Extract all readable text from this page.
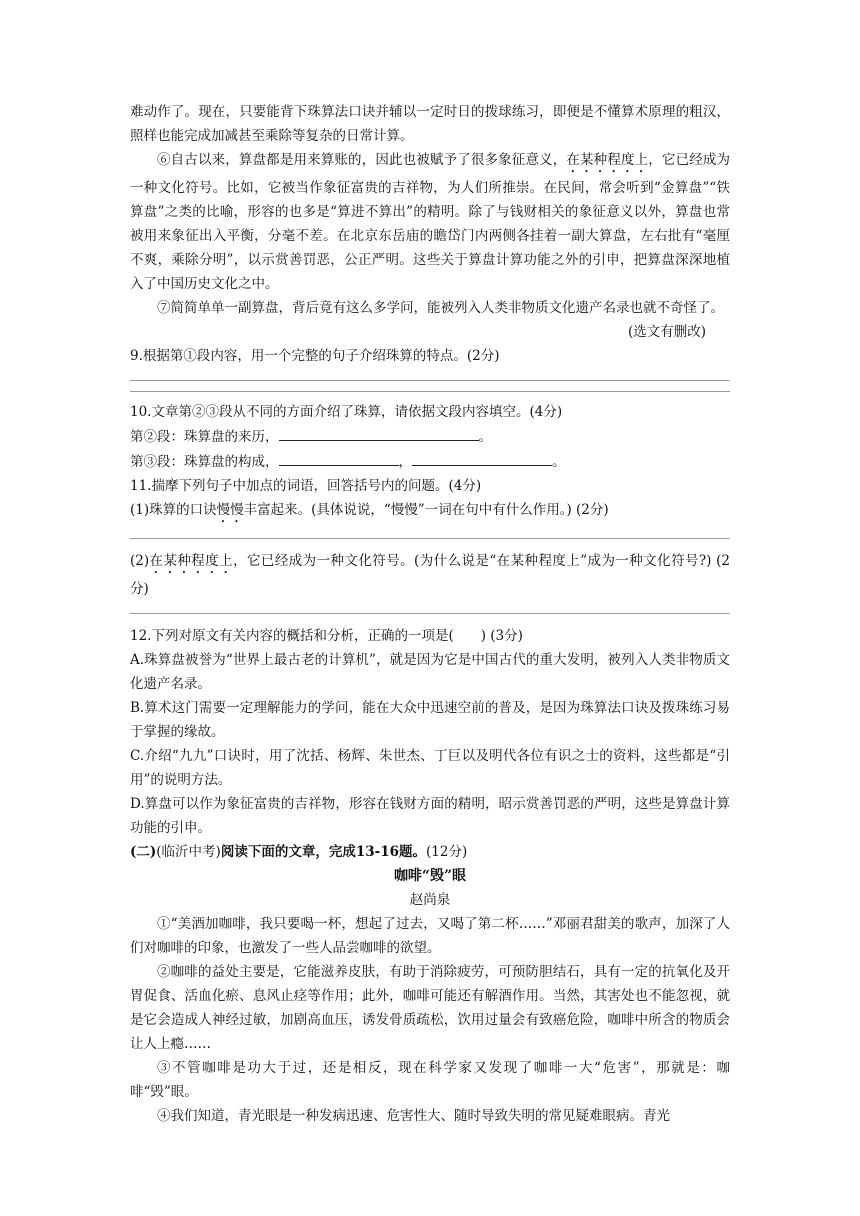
难动作了。现在，只要能背下珠算法口诀并辅以一定时日的拨球练习，即便是不懂算术原理的粗汉，照样也能完成加减甚至乘除等复杂的日常计算。

⑥自古以来，算盘都是用来算账的，因此也被赋予了很多象征意义，在某种程度上，它已经成为一种文化符号。比如，它被当作象征富贵的吉祥物，为人们所推崇。在民间，常会听到“金算盘”“铁算盘”之类的比喻，形容的也多是“算进不算出”的精明。除了与钱财相关的象征意义以外，算盘也常被用来象征出入平衡，分毫不差。在北京东岳庙的瞻岱门内两侧各挂着一副大算盘，左右批有“毫厘不爽，乘除分明”，以示赏善罚恶，公正严明。这些关于算盘计算功能之外的引申，把算盘深深地植入了中国历史文化之中。

⑦简简单单一副算盘，背后竟有这么多学问，能被列入人类非物质文化遗产名录也就不奇怪了。

(选文有删改)

9.根据第①段内容，用一个完整的句子介绍珠算的特点。(2分)

10.文章第②③段从不同的方面介绍了珠算，请依据文段内容填空。(4分)

第②段：珠算盘的来历，	。

第③段：珠算盘的构成，	，	。

11.揣摩下列句子中加点的词语，回答括号内的问题。(4分)

(1)珠算的口诀慢慢丰富起来。(具体说说，“慢慢”一词在句中有什么作用。) (2分)

(2)在某种程度上，它已经成为一种文化符号。(为什么说是“在某种程度上”成为一种文化符号?) (2分)

12.下列对原文有关内容的概括和分析，正确的一项是(　　) (3分)

A.珠算盘被誉为“世界上最古老的计算机”，就是因为它是中国古代的重大发明，被列入人类非物质文化遗产名录。

B.算术这门需要一定理解能力的学问，能在大众中迅速空前的普及，是因为珠算法口诀及拨珠练习易于掌握的缘故。

C.介绍“九九”口诀时，用了沈括、杨辉、朱世杰、丁巨以及明代各位有识之士的资料，这些都是“引用”的说明方法。

D.算盘可以作为象征富贵的吉祥物，形容在钱财方面的精明，昭示赏善罚恶的严明，这些是算盘计算功能的引申。

(二)(临沂中考)阅读下面的文章，完成13-16题。(12分)

咖啡“毁”眼

赵尚泉

①“美酒加咖啡，我只要喝一杯，想起了过去，又喝了第二杯……”邓丽君甜美的歌声，加深了人们对咖啡的印象，也激发了一些人品尝咖啡的欲望。

②咖啡的益处主要是，它能滋养皮肤，有助于消除疲劳，可预防胆结石，具有一定的抗氧化及开胃促食、活血化瘀、息风止痉等作用；此外，咖啡可能还有解酒作用。当然，其害处也不能忽视，就是它会造成人神经过敏，加剧高血压，诱发骨质疏松，饮用过量会有致癌危险，咖啡中所含的物质会让人上瘾……

③不管咖啡是功大于过，还是相反，现在科学家又发现了咖啡一大“危害”，那就是：咖啡“毁”眼。

④我们知道，青光眼是一种发病迅速、危害性大、随时导致失明的常见疑难眼病。青光
